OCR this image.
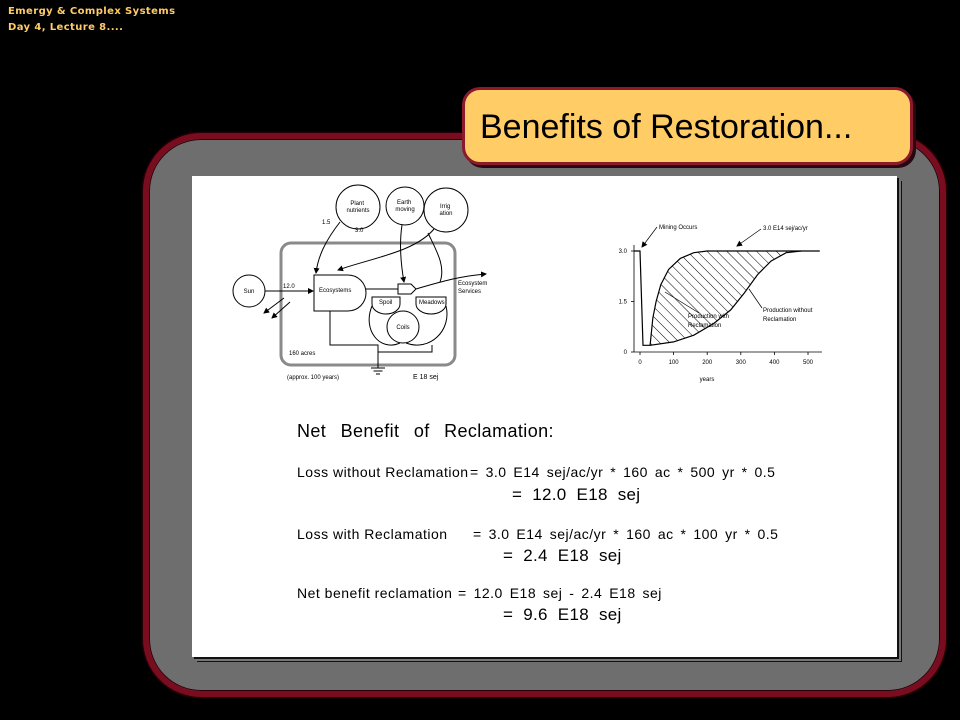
Emergy & Complex Systems
Day 4, Lecture 8....
Plant nutrients
Earth moving	Irrig ation
Sun
1.5
3.0
12.0
Ecosystems
Ecosystem Services
Spoil	Meadows
Coils
160 acres
(approx. 100 years)	E 18 sej
0	100	200	300	400	500
0
1.5
3.0
Mining Occurs	3.0 E14 sej/ac/yr
Production with Reclamation
Production without Reclamation
years
Net Benefit of Reclamation:
Loss without Reclamation = 3.0 E14 sej/ac/yr * 160 ac * 500 yr * 0.5
= 12.0 E18 sej
Loss with Reclamation = 3.0 E14 sej/ac/yr * 160 ac * 100 yr * 0.5
= 2.4 E18 sej
Net benefit reclamation = 12.0 E18 sej - 2.4 E18 sej
= 9.6 E18 sej
Benefits of Restoration...
